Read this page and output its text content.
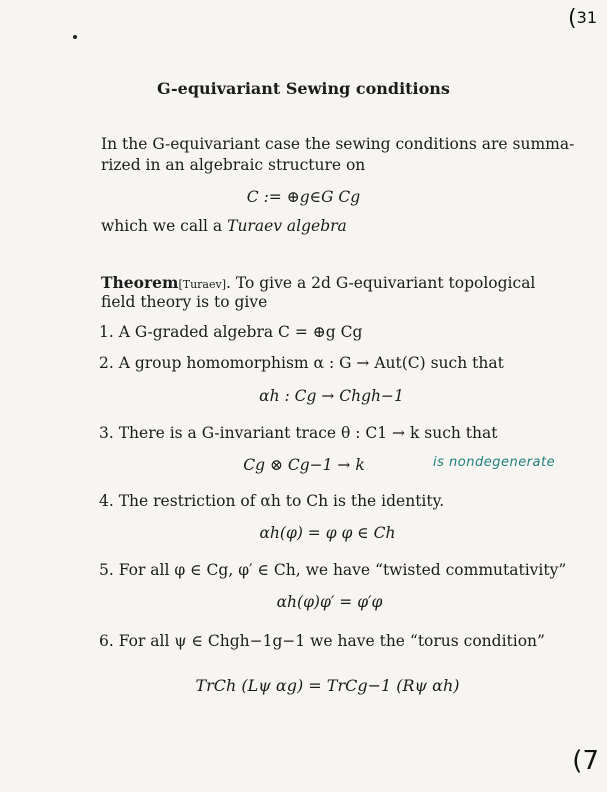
(31
G-equivariant Sewing conditions
In the G-equivariant case the sewing conditions are summa-
rized in an algebraic structure on
C := ⊕g∈G Cg
which we call a Turaev algebra
Theorem[Turaev]. To give a 2d G-equivariant topological
field theory is to give
1. A G-graded algebra C = ⊕g Cg
2. A group homomorphism α : G → Aut(C) such that
αh : Cg → Chgh−1
3. There is a G-invariant trace θ : C1 → k such that
Cg ⊗ Cg−1 → k	is nondegenerate
4. The restriction of αh to Ch is the identity.
αh(φ) = φ φ ∈ Ch
5. For all φ ∈ Cg, φ′ ∈ Ch, we have “twisted commutativity”
αh(φ)φ′ = φ′φ
6. For all ψ ∈ Chgh−1g−1 we have the “torus condition”
TrCh (Lψ αg) = TrCg−1 (Rψ αh)
(7
